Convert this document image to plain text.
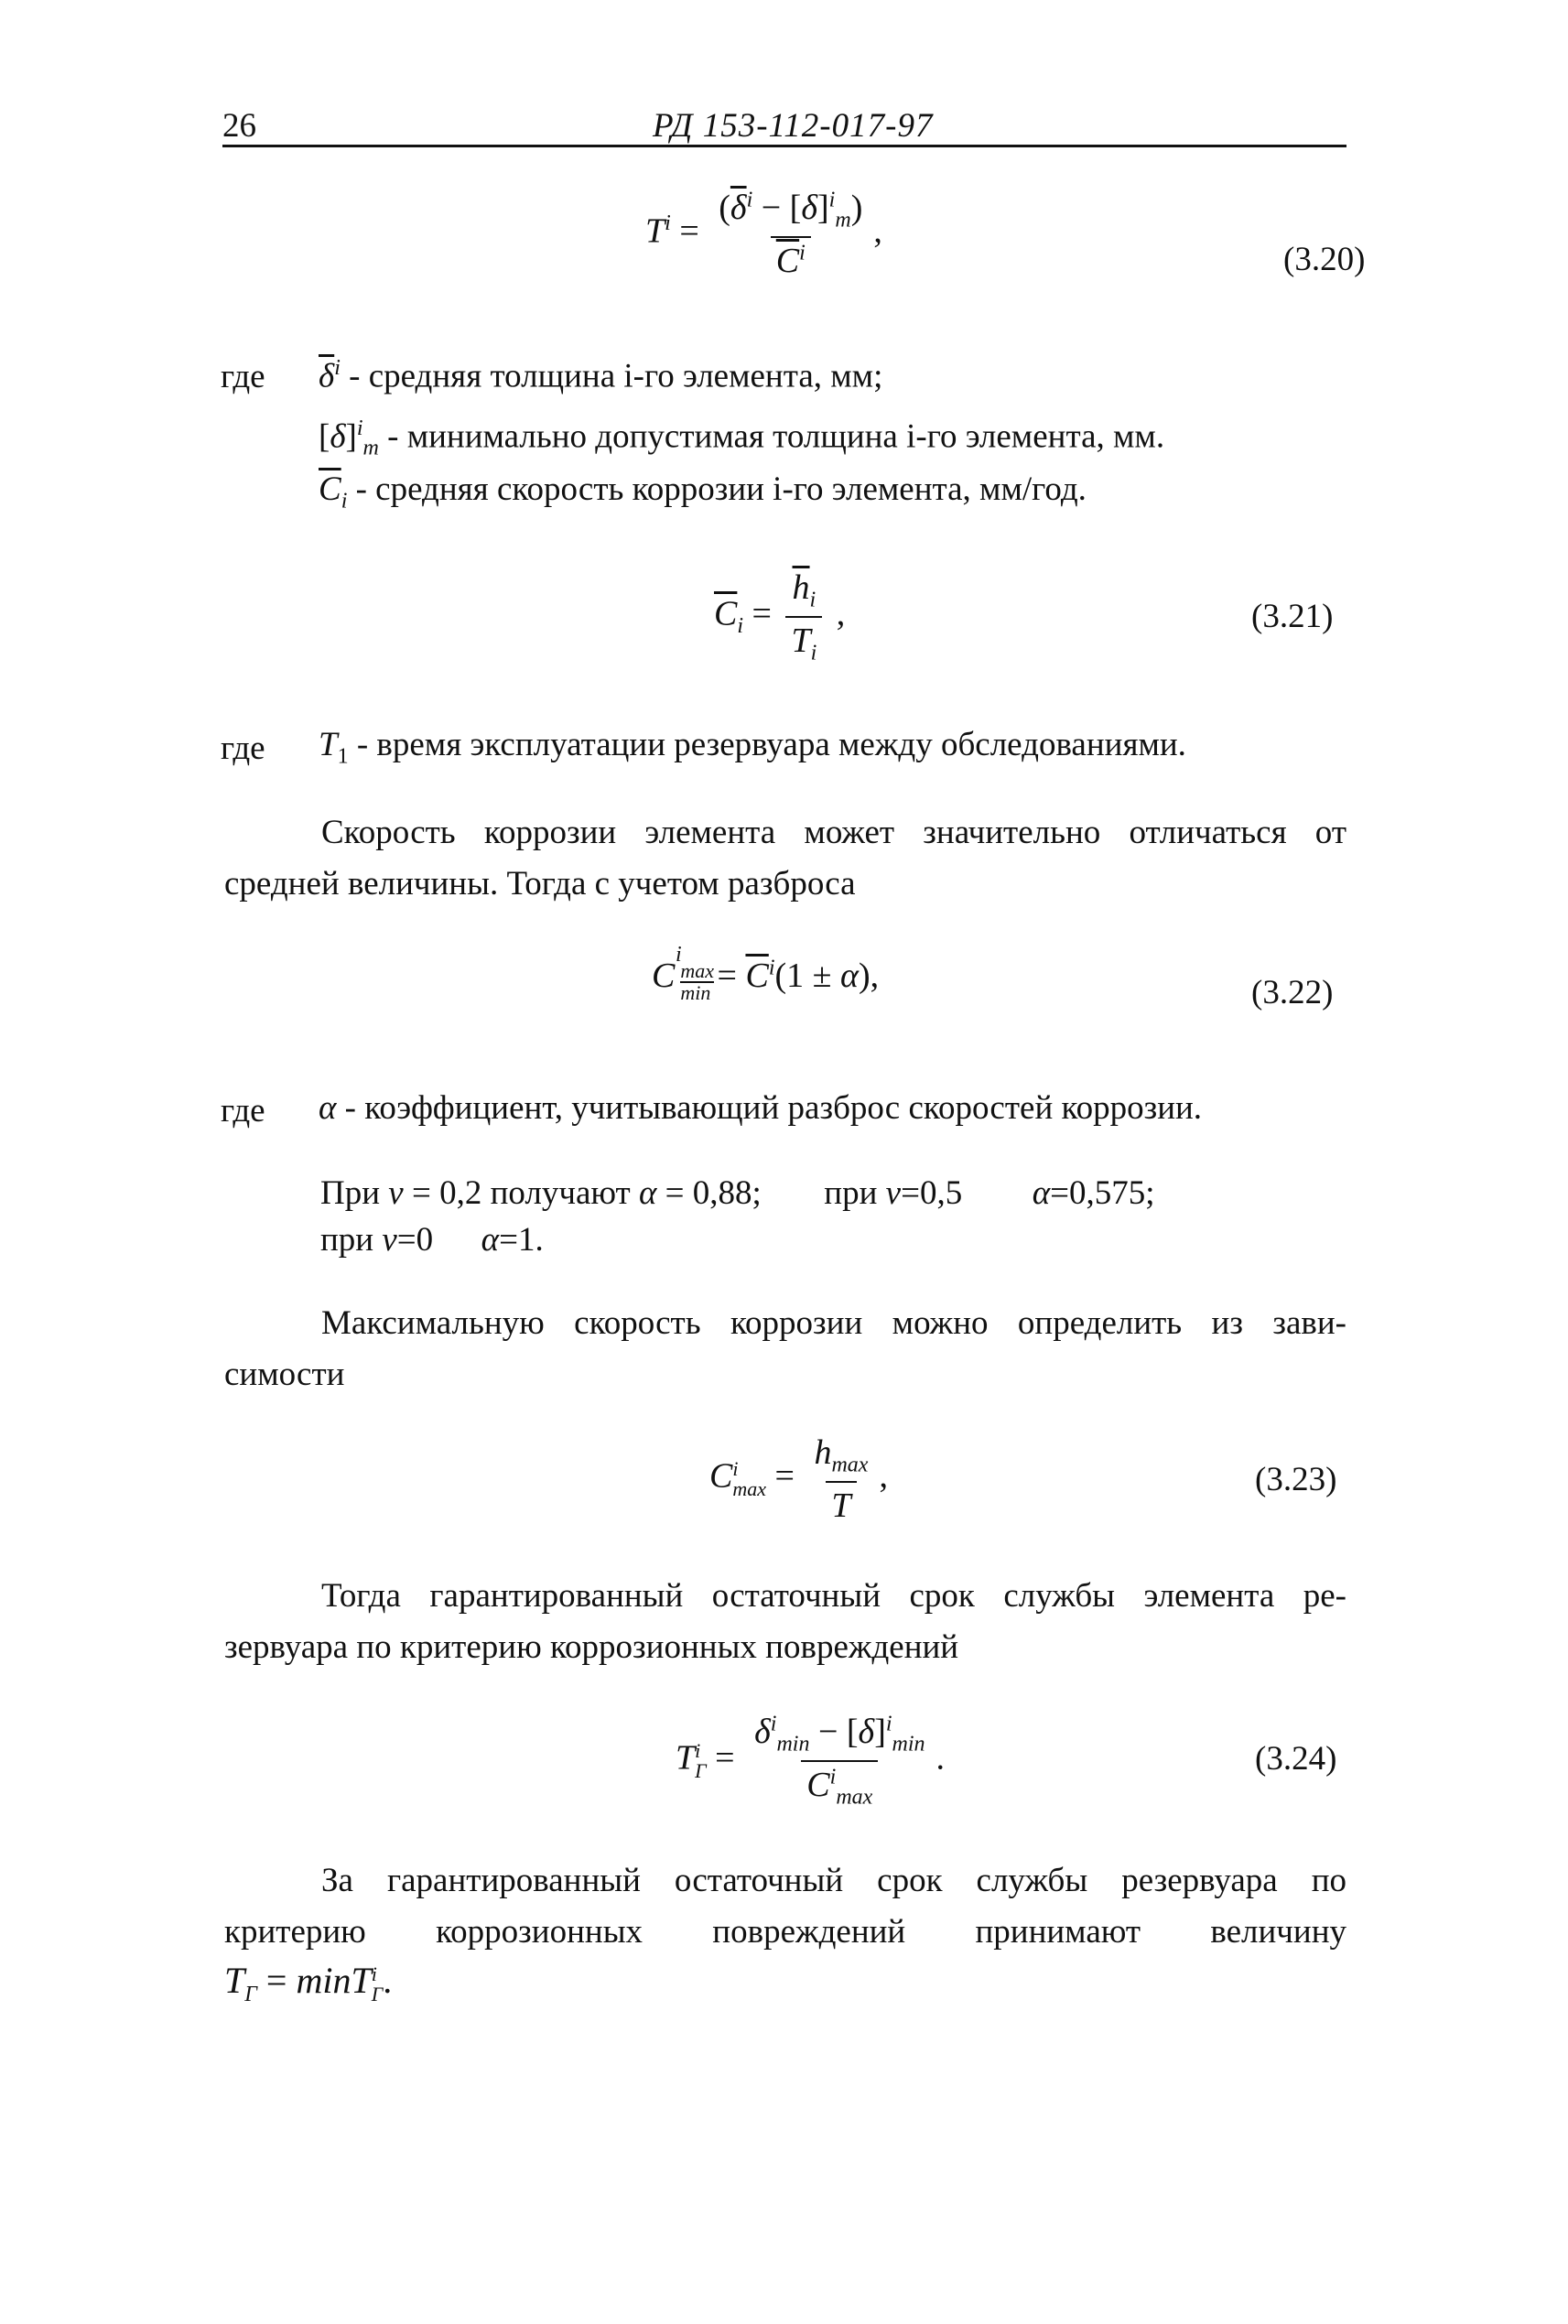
26	РД 153-112-017-97
$T^i = \frac{(\overline{\delta}^i - [\delta]^i_m)}{\overline{C}^i}$ ,
(3.20)
где $\overline{\delta}^i$ - средняя толщина i-го элемента, мм;
$[\delta]^i_m$ - минимально допустимая толщина i-го элемента, мм.
$\overline{C}_i$ - средняя скорость коррозии i-го элемента, мм/год.
$\overline{C}_i = \frac{\overline{h}_i}{T_i}$ ,	(3.21)
где $T_1$ - время эксплуатации резервуара между обследованиями.
Скорость коррозии элемента может значительно отличаться от
средней величины. Тогда с учетом разброса
C
i
max
$\min = \overline{C}^i(1 \pm \alpha)$,	(3.22)
где α - коэффициент, учитывающий разброс скоростей коррозии.
При ν = 0,2 получают α = 0,88; при ν=0,5 α=0,575;
при ν=0 α=1.
Максимальную скорость коррозии можно определить из зави-
симости
C i
$\max = \frac{h_{max}}{T}$ ,	(3.23)
Тогда гарантированный остаточный срок службы элемента ре-
зервуара по критерию коррозионных повреждений
T i
$Г = \frac{\delta^i_{min} - [\delta]^i_{min}}{C^i_{max}}$ .	(3.24)
За гарантированный остаточный срок службы резервуара по
критерию коррозионных повреждений принимают величину
$T_Г = \min T$ i
Г .
